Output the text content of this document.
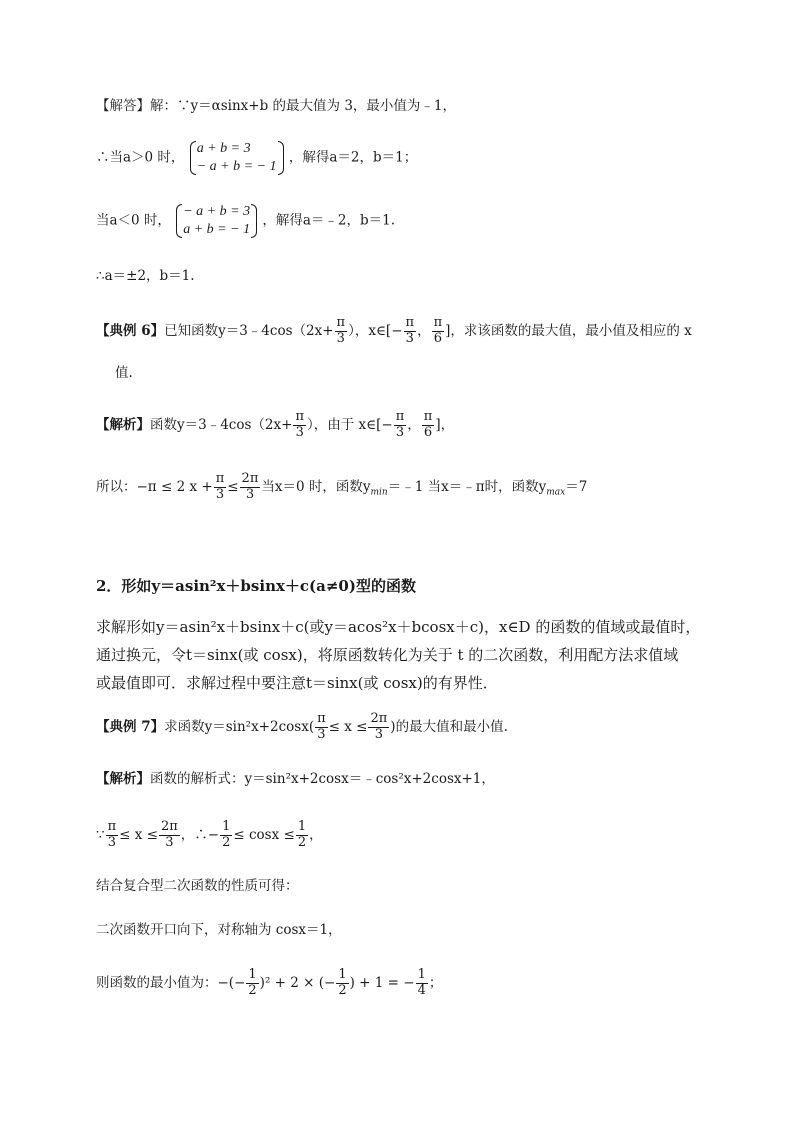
【解答】解：∵y＝αsinx+b 的最大值为 3，最小值为﹣1，
∴当a＞0 时，
a + b = 3
− a + b = − 1
，解得a＝2，b＝1；
当a＜0 时，
− a + b = 3
a + b = − 1
，解得a＝﹣2，b＝1.
∴a＝±2，b＝1.
【典例 6】已知函数y＝3﹣4cos（2x+ $\frac{\pi}{3}$ ），x∈[− $\frac{\pi}{3}$ ， $\frac{\pi}{6}$ ]，求该函数的最大值，最小值及相应的 x
值.
【解析】函数y＝3﹣4cos（2x+ $\frac{\pi}{3}$ ），由于 x∈[− $\frac{\pi}{3}$ ， $\frac{\pi}{6}$ ]，
所以：−π ≤ 2 $x + \frac{\pi}{3} \le \frac{2\pi}{3}$ 当x＝0 时，函数$y_{min}=﹣1$ 当x＝﹣π时，函数$y_{max}=7$
2．形如y＝asin²x＋bsinx＋c(a≠0)型的函数
求解形如y＝asin²x＋bsinx＋c(或y＝acos²x＋bcosx＋c)，x∈D 的函数的值域或最值时，
通过换元，令t＝sinx(或 cosx)，将原函数转化为关于 t 的二次函数，利用配方法求值域
或最值即可．求解过程中要注意t＝sinx(或 cosx)的有界性．
【典例 7】求函数$y=\sin^2x+2\cos x( \frac{\pi}{3} \le x \le \frac{2\pi}{3}$ )的最大值和最小值.
【解析】函数的解析式：y＝sin²x+2cosx＝﹣cos²x+2cosx+1，
∵ $\frac{\pi}{3} \le x \le \frac{2\pi}{3}$ ，∴− $\frac{1}{2} \le \cos x \le \frac{1}{2}$ ，
结合复合型二次函数的性质可得：
二次函数开口向下，对称轴为 cosx＝1，
则函数的最小值为：−(− $\frac{1}{2} )^2 + 2$ × (− $\frac{1}{2}$ ) + 1 = − $\frac{1}{4}$ ；
